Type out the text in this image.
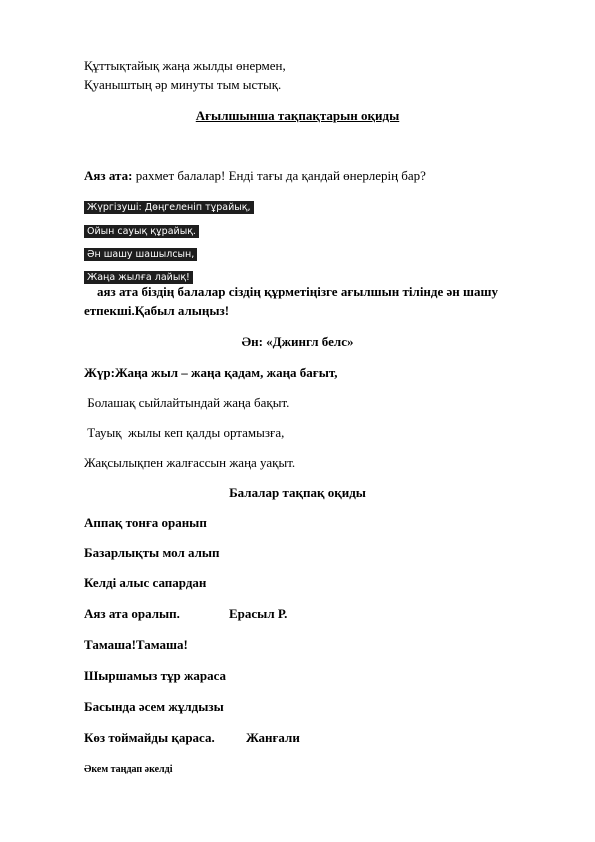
Құттықтайық жаңа жылды өнермен,
Қуаныштың әр минуты тым ыстық.
Ағылшынша тақпақтарын оқиды
Аяз ата: рахмет балалар! Енді тағы да қандай өнерлерің бар?
Жүргізуші: Дөңгеленіп тұрайық,
Ойын сауық құрайық.
Ән шашу шашылсын,
Жаңа жылға лайық!
аяз ата біздің балалар сіздің құрметіңізге ағылшын тілінде ән шашу
етпекші.Қабыл алыңыз!
Ән: «Джингл белс»
Жүр:Жаңа жыл – жаңа қадам, жаңа бағыт,
Болашақ сыйлайтындай жаңа бақыт.
Тауық  жылы кеп қалды ортамызға,
Жақсылықпен жалғассын жаңа уақыт.
Балалар тақпақ оқиды
Аппақ тонға оранып
Базарлықты мол алып
Келді алыс сапардан
Аяз ата оралып.	Ерасыл Р.
Тамаша!Тамаша!
Шыршамыз тұр жараса
Басында әсем жұлдызы
Көз тоймайды қараса. Жанғали
Әкем таңдап әкелді
